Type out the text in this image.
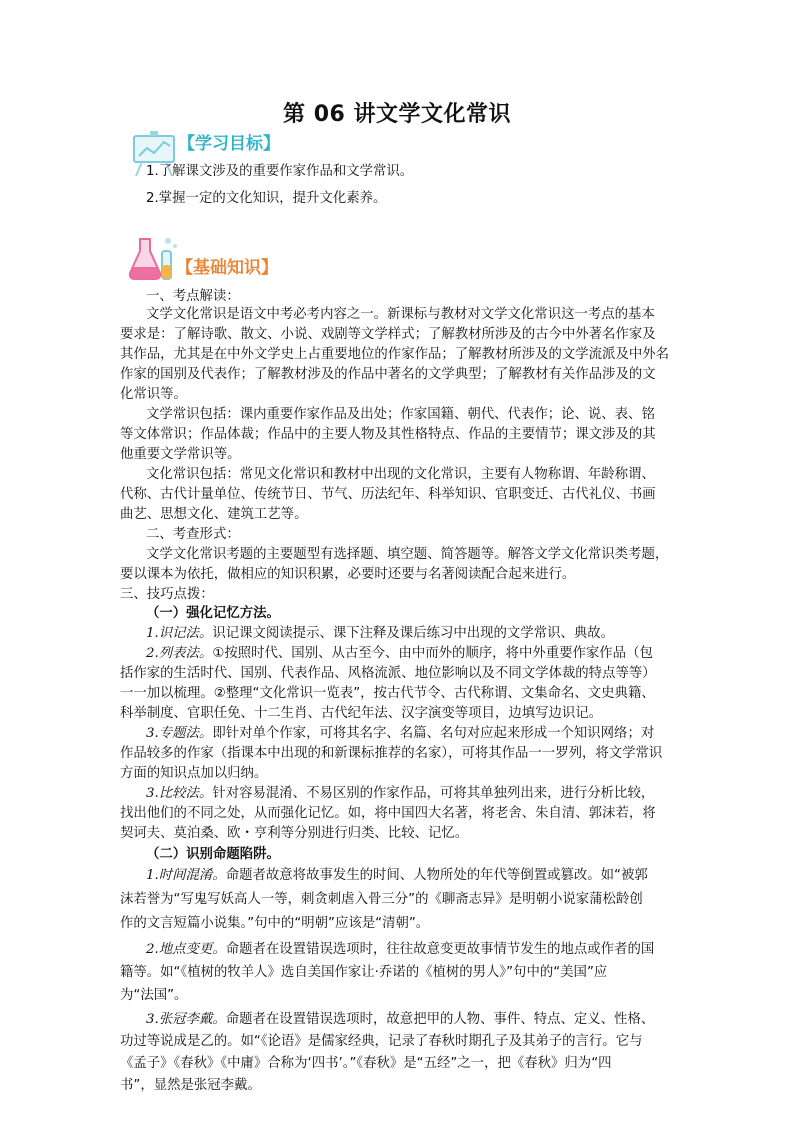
第 06 讲文学文化常识
【学习目标】
1.了解课文涉及的重要作家作品和文学常识。
2.掌握一定的文化知识，提升文化素养。
【基础知识】
一、考点解读：
文学文化常识是语文中考必考内容之一。新课标与教材对文学文化常识这一考点的基本
要求是：了解诗歌、散文、小说、戏剧等文学样式；了解教材所涉及的古今中外著名作家及
其作品，尤其是在中外文学史上占重要地位的作家作品；了解教材所涉及的文学流派及中外名
作家的国别及代表作；了解教材涉及的作品中著名的文学典型；了解教材有关作品涉及的文
化常识等。
文学常识包括：课内重要作家作品及出处；作家国籍、朝代、代表作；论、说、表、铭
等文体常识；作品体裁；作品中的主要人物及其性格特点、作品的主要情节；课文涉及的其
他重要文学常识等。
文化常识包括：常见文化常识和教材中出现的文化常识，主要有人物称谓、年龄称谓、
代称、古代计量单位、传统节日、节气、历法纪年、科举知识、官职变迁、古代礼仪、书画
曲艺、思想文化、建筑工艺等。
二、考查形式：
文学文化常识考题的主要题型有选择题、填空题、简答题等。解答文学文化常识类考题，
要以课本为依托，做相应的知识积累，必要时还要与名著阅读配合起来进行。
三、技巧点拨：
（一）强化记忆方法。
1.识记法。识记课文阅读提示、课下注释及课后练习中出现的文学常识、典故。
2.列表法。①按照时代、国别、从古至今、由中而外的顺序，将中外重要作家作品（包
括作家的生活时代、国别、代表作品、风格流派、地位影响以及不同文学体裁的特点等等）
一一加以梳理。②整理“文化常识一览表”，按古代节令、古代称谓、文集命名、文史典籍、
科举制度、官职任免、十二生肖、古代纪年法、汉字演变等项目，边填写边识记。
3.专题法。即针对单个作家，可将其名字、名篇、名句对应起来形成一个知识网络；对
作品较多的作家（指课本中出现的和新课标推荐的名家），可将其作品一一罗列，将文学常识
方面的知识点加以归纳。
3.比较法。针对容易混淆、不易区别的作家作品，可将其单独列出来，进行分析比较，
找出他们的不同之处，从而强化记忆。如，将中国四大名著，将老舍、朱自清、郭沫若，将
契诃夫、莫泊桑、欧・亨利等分别进行归类、比较、记忆。
（二）识别命题陷阱。
1.时间混淆。命题者故意将故事发生的时间、人物所处的年代等倒置或篡改。如“被郭
沫若誉为“写鬼写妖高人一等，刺贪刺虐入骨三分”的《聊斋志异》是明朝小说家蒲松龄创
作的文言短篇小说集。”句中的“明朝”应该是“清朝”。
2.地点变更。命题者在设置错误选项时，往往故意变更故事情节发生的地点或作者的国
籍等。如“《植树的牧羊人》选自美国作家让·乔诺的《植树的男人》”句中的“美国”应
为“法国”。
3.张冠李戴。命题者在设置错误选项时，故意把甲的人物、事件、特点、定义、性格、
功过等说成是乙的。如“《论语》是儒家经典，记录了春秋时期孔子及其弟子的言行。它与
《孟子》《春秋》《中庸》合称为‘四书’。”《春秋》是“五经”之一，把《春秋》归为“四
书”，显然是张冠李戴。
